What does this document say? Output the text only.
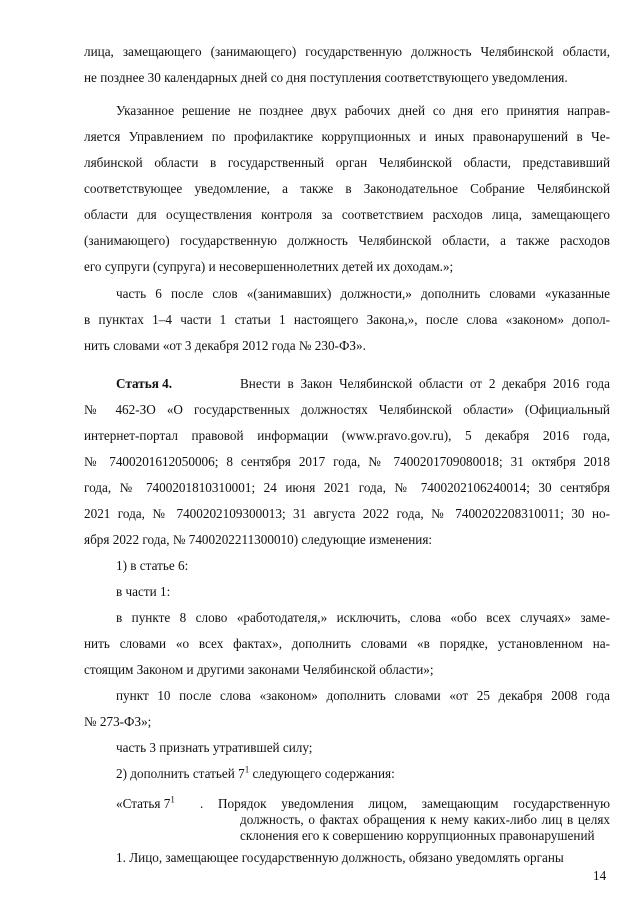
лица, замещающего (занимающего) государственную должность Челябинской области,
не позднее 30 календарных дней со дня поступления соответствующего уведомления.
Указанное решение не позднее двух рабочих дней со дня его принятия направ-
ляется Управлением по профилактике коррупционных и иных правонарушений в Че-
лябинской области в государственный орган Челябинской области, представивший
соответствующее уведомление, а также в Законодательное Собрание Челябинской
области для осуществления контроля за соответствием расходов лица, замещающего
(занимающего) государственную должность Челябинской области, а также расходов
его супруги (супруга) и несовершеннолетних детей их доходам.»;
часть 6 после слов «(занимавших) должности,» дополнить словами «указанные
в пунктах 1–4 части 1 статьи 1 настоящего Закона,», после слова «законом» допол-
нить словами «от 3 декабря 2012 года № 230-ФЗ».
Статья 4.	Внести в Закон Челябинской области от 2 декабря 2016 года
№ 462-ЗО «О государственных должностях Челябинской области» (Официальный
интернет-портал правовой информации (www.pravo.gov.ru), 5 декабря 2016 года,
№ 7400201612050006; 8 сентября 2017 года, № 7400201709080018; 31 октября 2018
года, № 7400201810310001; 24 июня 2021 года, № 7400202106240014; 30 сентября
2021 года, № 7400202109300013; 31 августа 2022 года, № 7400202208310011; 30 но-
ября 2022 года, № 7400202211300010) следующие изменения:
1) в статье 6:
в части 1:
в пункте 8 слово «работодателя,» исключить, слова «обо всех случаях» заме-
нить словами «о всех фактах», дополнить словами «в порядке, установленном на-
стоящим Законом и другими законами Челябинской области»;
пункт 10 после слова «законом» дополнить словами «от 25 декабря 2008 года
№ 273-ФЗ»;
часть 3 признать утратившей силу;
2) дополнить статьей $7^1$ следующего содержания:
«Статья $7^1$ . Порядок уведомления лицом, замещающим государственную
должность, о фактах обращения к нему каких-либо лиц в целях
склонения его к совершению коррупционных правонарушений
1. Лицо, замещающее государственную должность, обязано уведомлять органы
14
